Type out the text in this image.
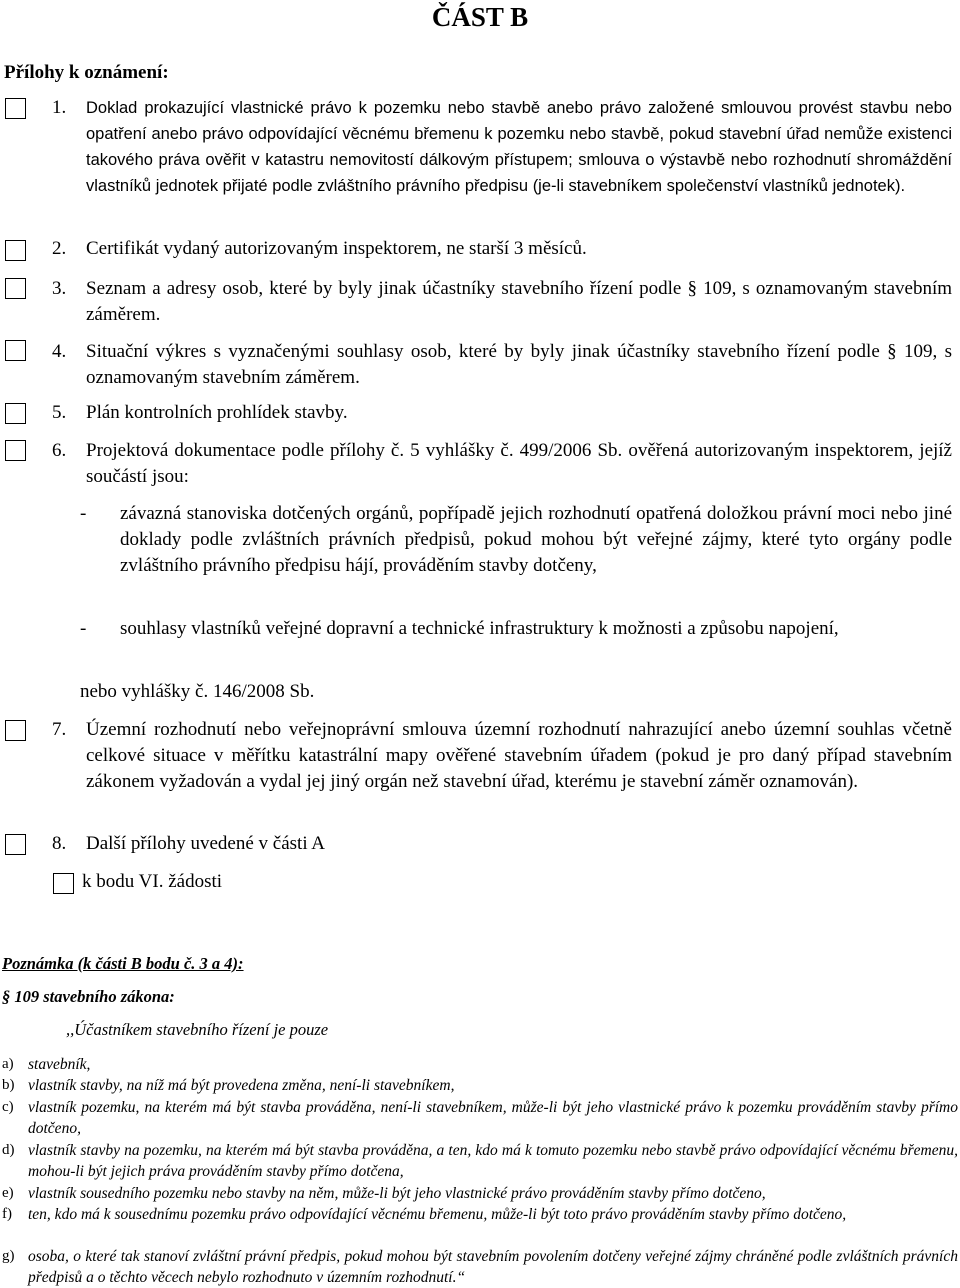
ČÁST B
Přílohy k oznámení:
1. Doklad prokazující vlastnické právo k pozemku nebo stavbě anebo právo založené smlouvou provést stavbu nebo opatření anebo právo odpovídající věcnému břemenu k pozemku nebo stavbě, pokud stavební úřad nemůže existenci takového práva ověřit v katastru nemovitostí dálkovým přístupem; smlouva o výstavbě nebo rozhodnutí shromáždění vlastníků jednotek přijaté podle zvláštního právního předpisu (je-li stavebníkem společenství vlastníků jednotek).
2. Certifikát vydaný autorizovaným inspektorem, ne starší 3 měsíců.
3. Seznam a adresy osob, které by byly jinak účastníky stavebního řízení podle § 109, s oznamovaným stavebním záměrem.
4. Situační výkres s vyznačenými souhlasy osob, které by byly jinak účastníky stavebního řízení podle § 109, s oznamovaným stavebním záměrem.
5. Plán kontrolních prohlídek stavby.
6. Projektová dokumentace podle přílohy č. 5 vyhlášky č. 499/2006 Sb. ověřená autorizovaným inspektorem, jejíž součástí jsou:
- závazná stanoviska dotčených orgánů, popřípadě jejich rozhodnutí opatřená doložkou právní moci nebo jiné doklady podle zvláštních právních předpisů, pokud mohou být veřejné zájmy, které tyto orgány podle zvláštního právního předpisu hájí, prováděním stavby dotčeny,
- souhlasy vlastníků veřejné dopravní a technické infrastruktury k možnosti a způsobu napojení,
nebo vyhlášky č. 146/2008 Sb.
7. Územní rozhodnutí nebo veřejnoprávní smlouva územní rozhodnutí nahrazující anebo územní souhlas včetně celkové situace v měřítku katastrální mapy ověřené stavebním úřadem (pokud je pro daný případ stavebním zákonem vyžadován a vydal jej jiný orgán než stavební úřad, kterému je stavební záměr oznamován).
8. Další přílohy uvedené v části A
k bodu VI. žádosti
Poznámka (k části B bodu č. 3 a 4):
§ 109 stavebního zákona:
,,Účastníkem stavebního řízení je pouze
a) stavebník,
b) vlastník stavby, na níž má být provedena změna, není-li stavebníkem,
c) vlastník pozemku, na kterém má být stavba prováděna, není-li stavebníkem, může-li být jeho vlastnické právo k pozemku prováděním stavby přímo dotčeno,
d) vlastník stavby na pozemku, na kterém má být stavba prováděna, a ten, kdo má k tomuto pozemku nebo stavbě právo odpovídající věcnému břemenu, mohou-li být jejich práva prováděním stavby přímo dotčena,
e) vlastník sousedního pozemku nebo stavby na něm, může-li být jeho vlastnické právo prováděním stavby přímo dotčeno,
f) ten, kdo má k sousednímu pozemku právo odpovídající věcnému břemenu, může-li být toto právo prováděním stavby přímo dotčeno,
g) osoba, o které tak stanoví zvláštní právní předpis, pokud mohou být stavebním povolením dotčeny veřejné zájmy chráněné podle zvláštních právních předpisů a o těchto věcech nebylo rozhodnuto v územním rozhodnutí.“
